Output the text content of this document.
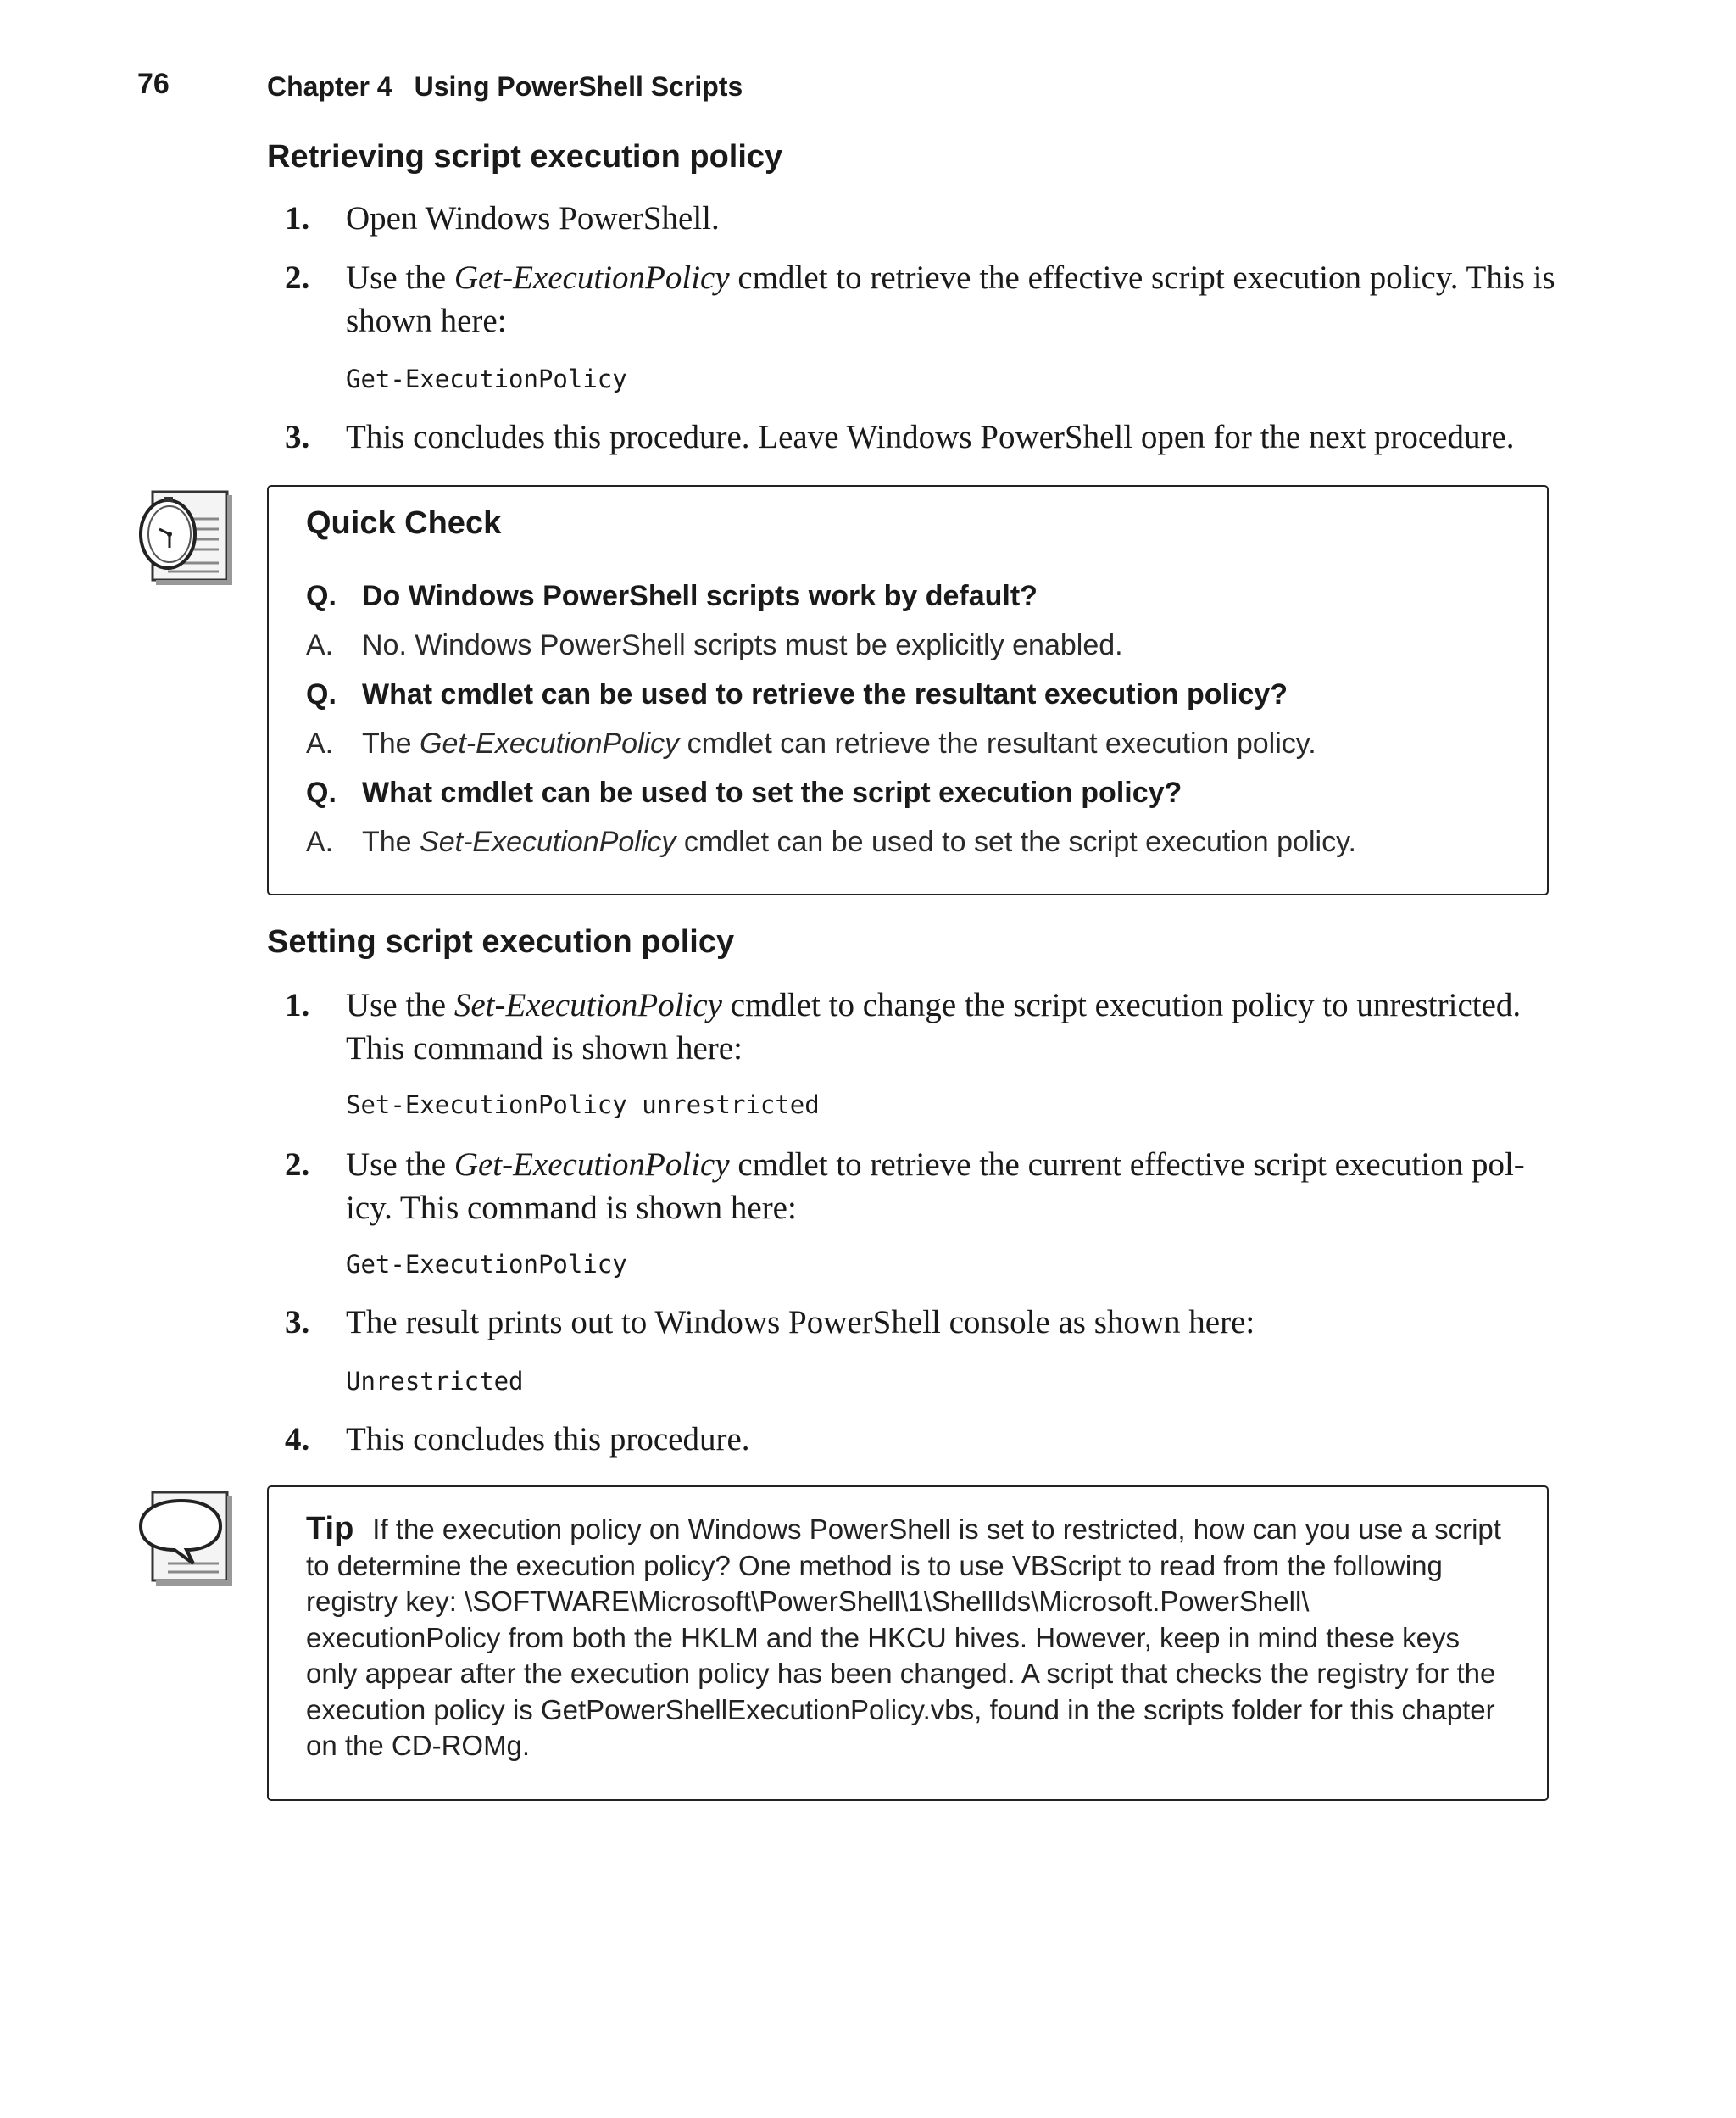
76	Chapter 4 Using PowerShell Scripts
Retrieving script execution policy
1. Open Windows PowerShell.
2. Use the Get-ExecutionPolicy cmdlet to retrieve the effective script execution policy. This is shown here:
Get-ExecutionPolicy
3. This concludes this procedure. Leave Windows PowerShell open for the next procedure.
Quick Check
Q. Do Windows PowerShell scripts work by default?
A. No. Windows PowerShell scripts must be explicitly enabled.
Q. What cmdlet can be used to retrieve the resultant execution policy?
A. The Get-ExecutionPolicy cmdlet can retrieve the resultant execution policy.
Q. What cmdlet can be used to set the script execution policy?
A. The Set-ExecutionPolicy cmdlet can be used to set the script execution policy.
Setting script execution policy
1. Use the Set-ExecutionPolicy cmdlet to change the script execution policy to unrestricted. This command is shown here:
Set-ExecutionPolicy unrestricted
2. Use the Get-ExecutionPolicy cmdlet to retrieve the current effective script execution pol-icy. This command is shown here:
Get-ExecutionPolicy
3. The result prints out to Windows PowerShell console as shown here:
Unrestricted
4. This concludes this procedure.
Tip If the execution policy on Windows PowerShell is set to restricted, how can you use a script to determine the execution policy? One method is to use VBScript to read from the following registry key: \SOFTWARE\Microsoft\PowerShell\1\ShellIds\Microsoft.PowerShell\ executionPolicy from both the HKLM and the HKCU hives. However, keep in mind these keys only appear after the execution policy has been changed. A script that checks the registry for the execution policy is GetPowerShellExecutionPolicy.vbs, found in the scripts folder for this chapter on the CD-ROMg.
